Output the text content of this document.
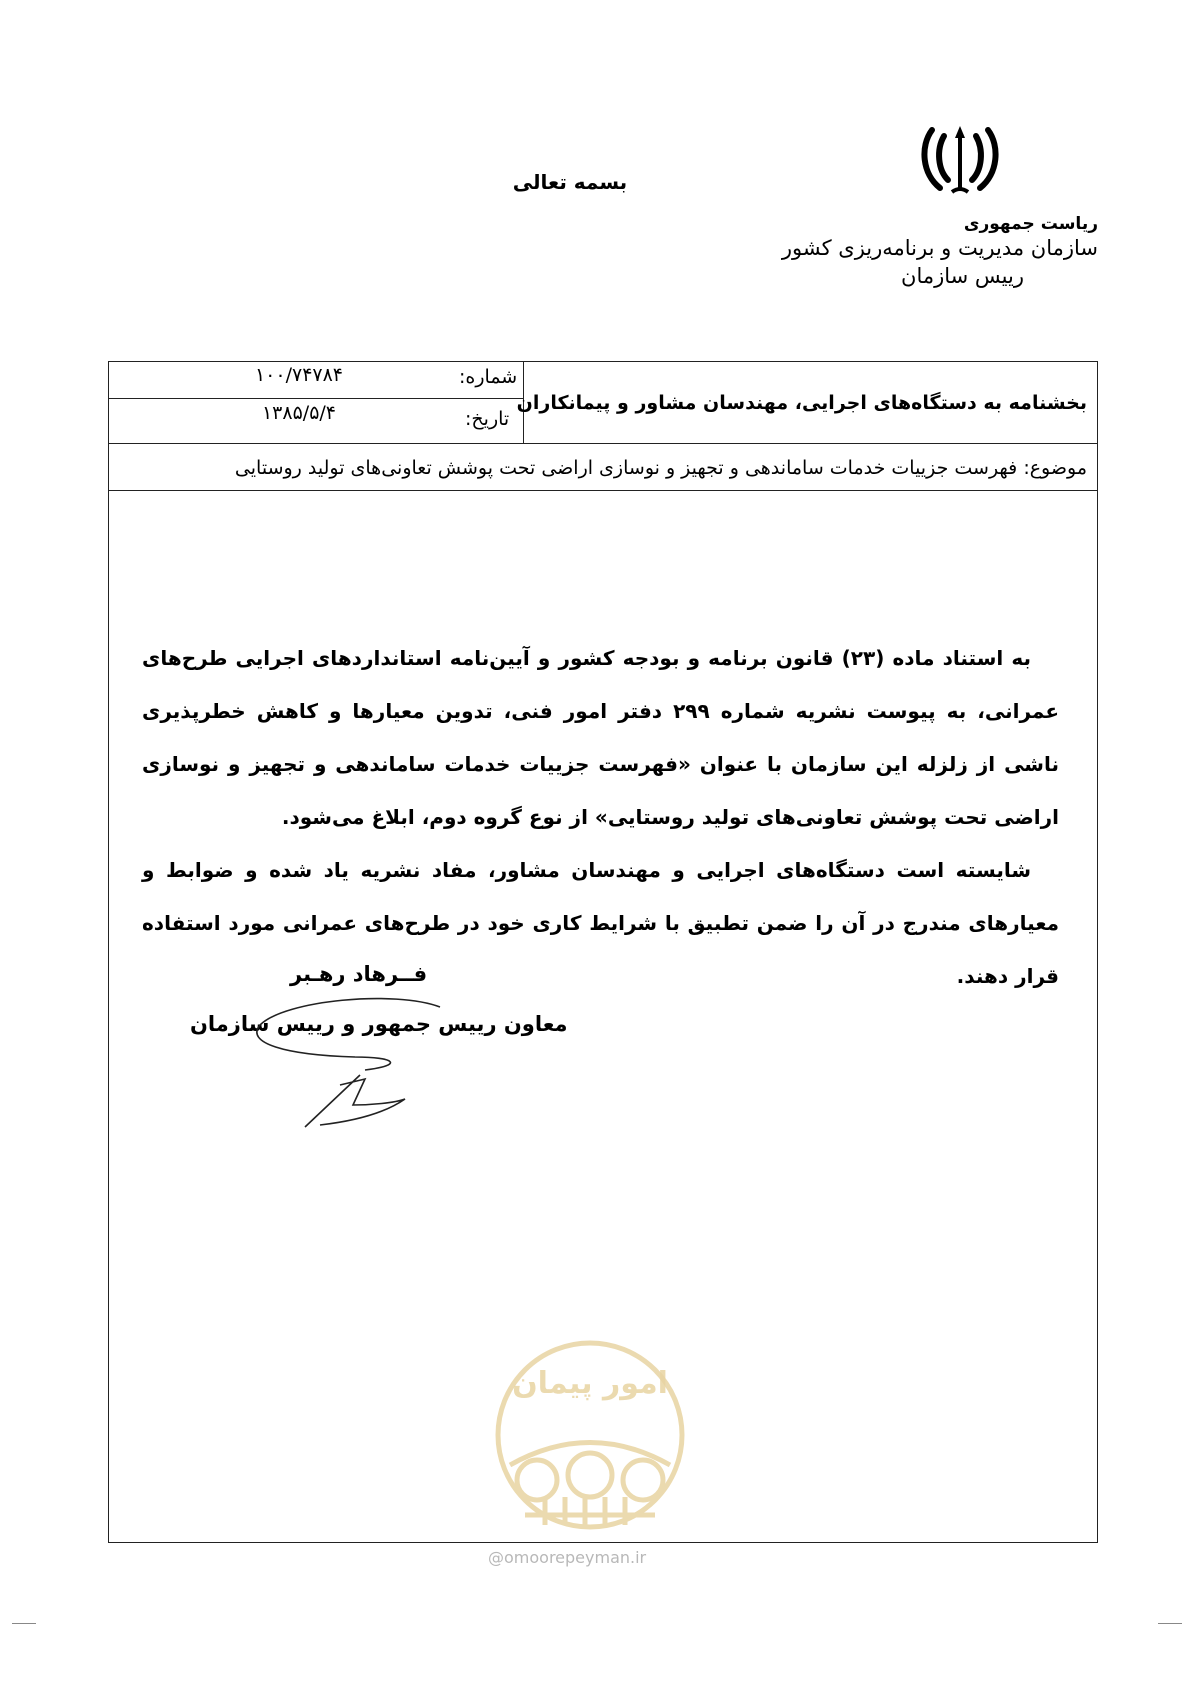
بسمه تعالی
ریاست جمهوری
سازمان مدیریت و برنامه‌ریزی کشور
رییس سازمان
شماره:
۱۰۰/۷۴۷۸۴
تاریخ:
۱۳۸۵/۵/۴	بخشنامه به دستگاه‌های اجرایی، مهندسان مشاور و پیمانکاران
موضوع: فهرست جزییات خدمات ساماندهی و تجهیز و نوسازی اراضی تحت پوشش تعاونی‌های تولید روستایی

به استناد ماده (۲۳) قانون برنامه و بودجه کشور و آیین‌نامه استانداردهای اجرایی طرح‌های عمرانی، به پیوست نشریه شماره ۲۹۹ دفتر امور فنی، تدوین معیارها و کاهش خطرپذیری ناشی از زلزله این سازمان با عنوان «فهرست جزییات خدمات ساماندهی و تجهیز و نوسازی اراضی تحت پوشش تعاونی‌های تولید روستایی» از نوع گروه دوم، ابلاغ می‌شود.

شایسته است دستگاه‌های اجرایی و مهندسان مشاور، مفاد نشریه یاد شده و ضوابط و معیارهای مندرج در آن را ضمن تطبیق با شرایط کاری خود در طرح‌های عمرانی مورد استفاده قرار دهند.

فــرهاد رهـبر
معاون رییس جمهور و رییس سازمان
امور پیمان
@omoorepeyman.ir
